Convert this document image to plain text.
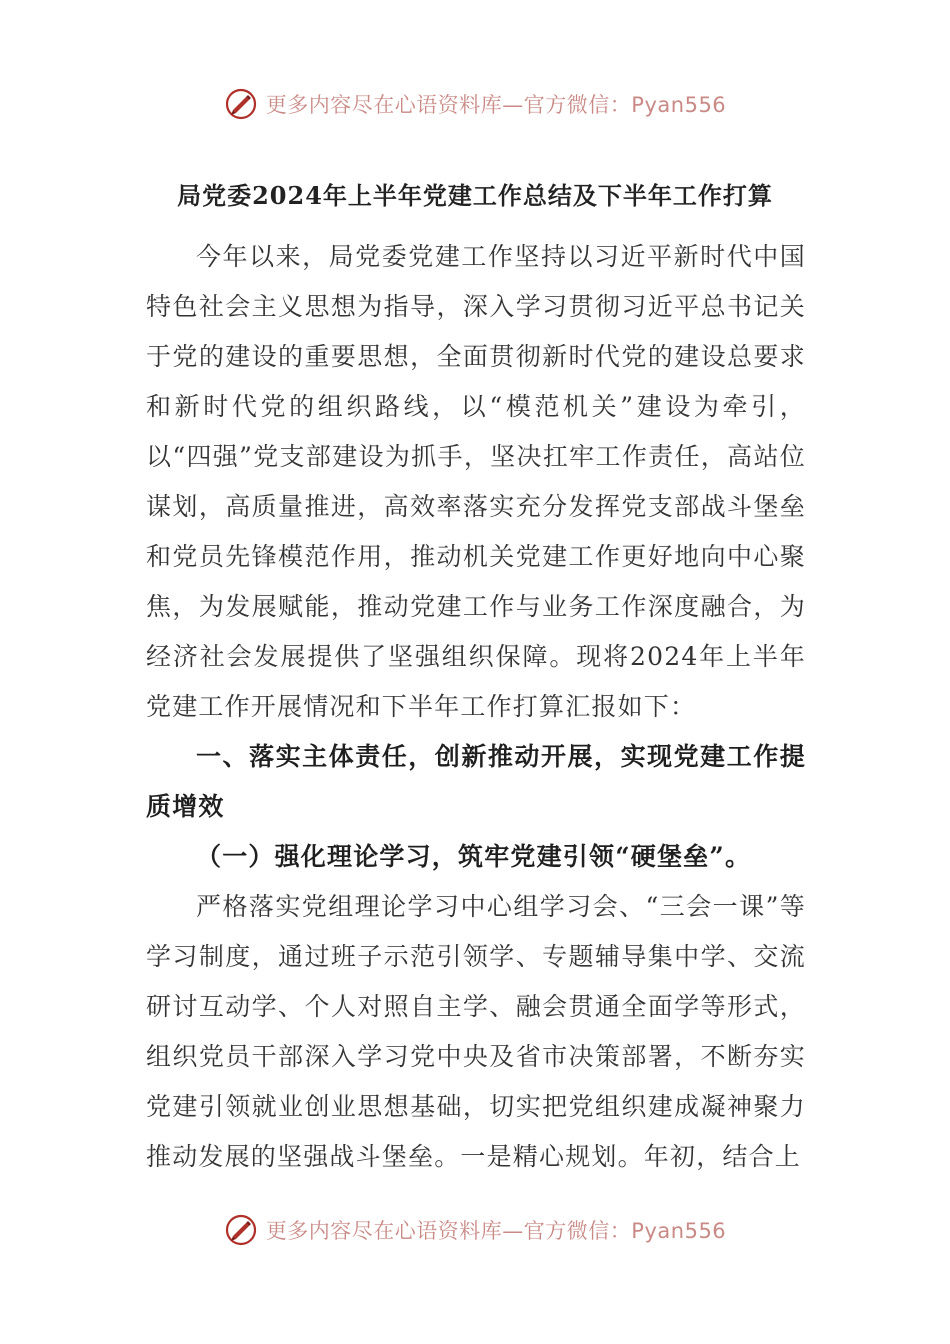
更多内容尽在心语资料库—官方微信：Pyan556
局党委2024年上半年党建工作总结及下半年工作打算

今年以来，局党委党建工作坚持以习近平新时代中国特色社会主义思想为指导，深入学习贯彻习近平总书记关于党的建设的重要思想，全面贯彻新时代党的建设总要求和新时代党的组织路线，以“模范机关”建设为牵引，以“四强”党支部建设为抓手，坚决扛牢工作责任，高站位谋划，高质量推进，高效率落实充分发挥党支部战斗堡垒和党员先锋模范作用，推动机关党建工作更好地向中心聚焦，为发展赋能，推动党建工作与业务工作深度融合，为经济社会发展提供了坚强组织保障。现将2024年上半年党建工作开展情况和下半年工作打算汇报如下：

一、落实主体责任，创新推动开展，实现党建工作提质增效

（一）强化理论学习，筑牢党建引领“硬堡垒”。

严格落实党组理论学习中心组学习会、“三会一课”等学习制度，通过班子示范引领学、专题辅导集中学、交流研讨互动学、个人对照自主学、融会贯通全面学等形式，组织党员干部深入学习党中央及省市决策部署，不断夯实党建引领就业创业思想基础，切实把党组织建成凝神聚力推动发展的坚强战斗堡垒。一是精心规划。年初，结合上

更多内容尽在心语资料库—官方微信：Pyan556
